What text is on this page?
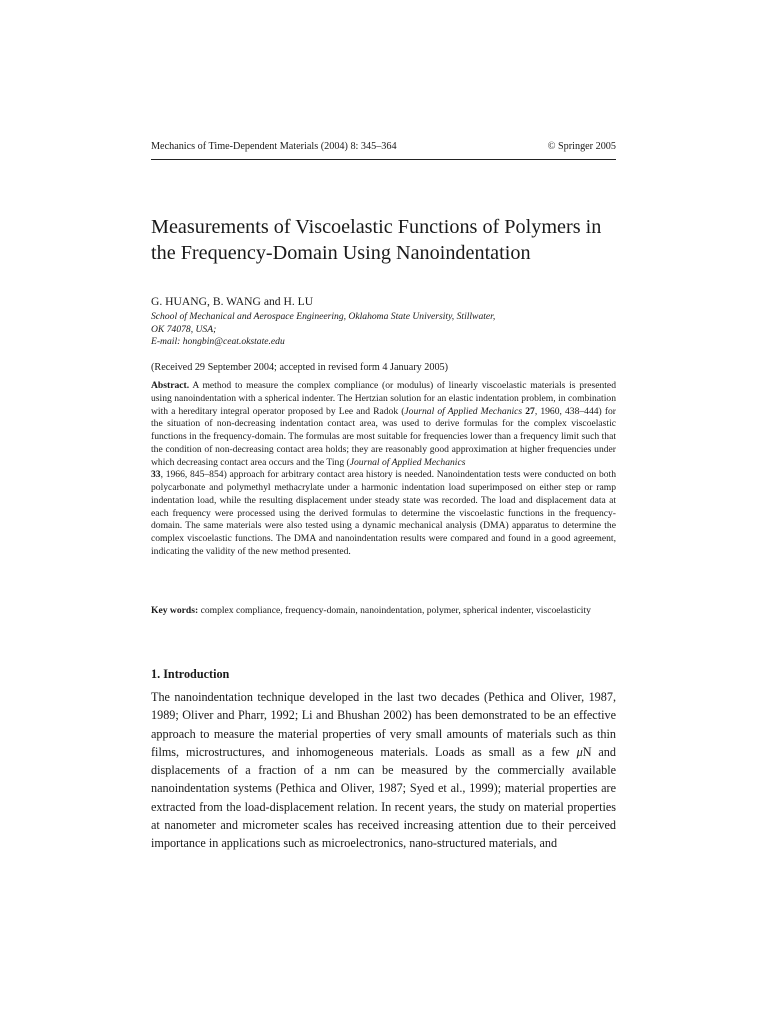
Mechanics of Time-Dependent Materials (2004) 8: 345–364	© Springer 2005
Measurements of Viscoelastic Functions of Polymers in the Frequency-Domain Using Nanoindentation
G. HUANG, B. WANG and H. LU
School of Mechanical and Aerospace Engineering, Oklahoma State University, Stillwater,
OK 74078, USA;
E-mail: hongbin@ceat.okstate.edu
(Received 29 September 2004; accepted in revised form 4 January 2005)

Abstract. A method to measure the complex compliance (or modulus) of linearly viscoelastic materials is presented using nanoindentation with a spherical indenter. The Hertzian solution for an elastic indentation problem, in combination with a hereditary integral operator proposed by Lee and Radok (Journal of Applied Mechanics 27, 1960, 438–444) for the situation of non-decreasing indentation contact area, was used to derive formulas for the complex viscoelastic functions in the frequency-domain. The formulas are most suitable for frequencies lower than a frequency limit such that the condition of non-decreasing contact area holds; they are reasonably good approximation at higher frequencies under which decreasing contact area occurs and the Ting (Journal of Applied Mechanics
33, 1966, 845–854) approach for arbitrary contact area history is needed. Nanoindentation tests were conducted on both polycarbonate and polymethyl methacrylate under a harmonic indentation load superimposed on either step or ramp indentation load, while the resulting displacement under steady state was recorded. The load and displacement data at each frequency were processed using the derived formulas to determine the viscoelastic functions in the frequency-domain. The same materials were also tested using a dynamic mechanical analysis (DMA) apparatus to determine the complex viscoelastic functions. The DMA and nanoindentation results were compared and found in a good agreement, indicating the validity of the new method presented.

Key words: complex compliance, frequency-domain, nanoindentation, polymer, spherical indenter, viscoelasticity

1. Introduction

The nanoindentation technique developed in the last two decades (Pethica and Oliver, 1987, 1989; Oliver and Pharr, 1992; Li and Bhushan 2002) has been demonstrated to be an effective approach to measure the material properties of very small amounts of materials such as thin films, microstructures, and inhomogeneous materials. Loads as small as a few μN and displacements of a fraction of a nm can be measured by the commercially available nanoindentation systems (Pethica and Oliver, 1987; Syed et al., 1999); material properties are extracted from the load-displacement relation. In recent years, the study on material properties at nanometer and micrometer scales has received increasing attention due to their perceived importance in applications such as microelectronics, nano-structured materials, and
